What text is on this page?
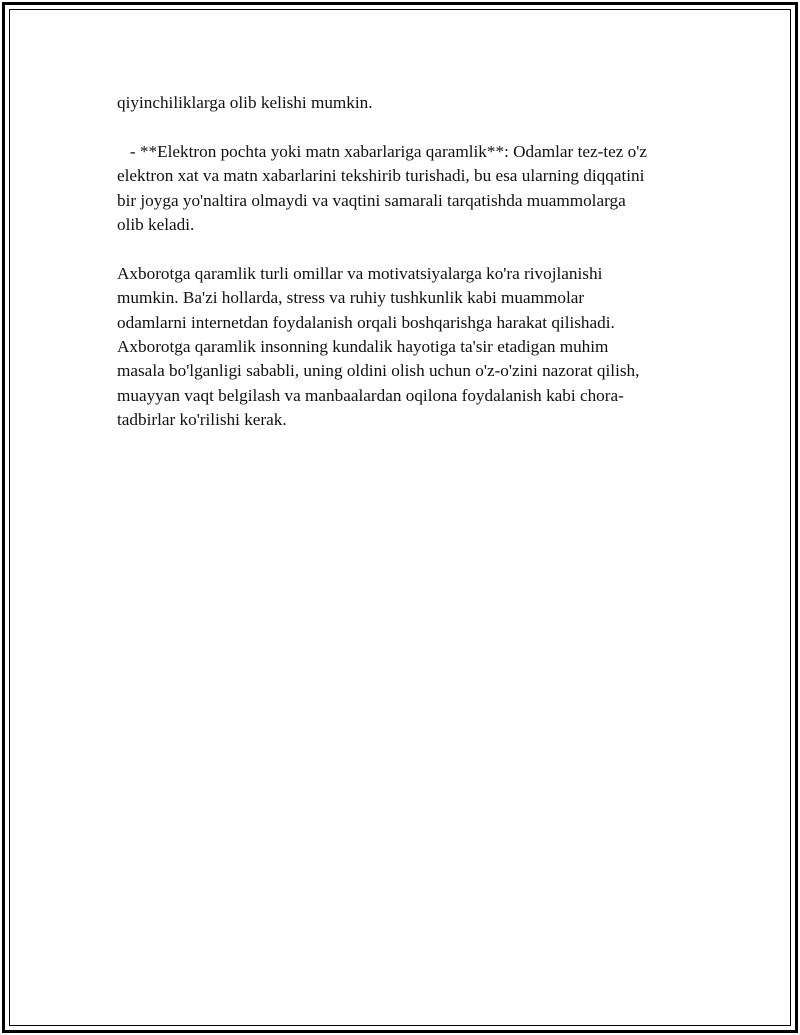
qiyinchiliklarga olib kelishi mumkin.

- **Elektron pochta yoki matn xabarlariga qaramlik**: Odamlar tez-tez o'z

elektron xat va matn xabarlarini tekshirib turishadi, bu esa ularning diqqatini

bir joyga yo'naltira olmaydi va vaqtini samarali tarqatishda muammolarga

olib keladi.

Axborotga qaramlik turli omillar va motivatsiyalarga ko'ra rivojlanishi

mumkin. Ba'zi hollarda, stress va ruhiy tushkunlik kabi muammolar

odamlarni internetdan foydalanish orqali boshqarishga harakat qilishadi.

Axborotga qaramlik insonning kundalik hayotiga ta'sir etadigan muhim

masala bo'lganligi sababli, uning oldini olish uchun o'z-o'zini nazorat qilish,

muayyan vaqt belgilash va manbaalardan oqilona foydalanish kabi chora-

tadbirlar ko'rilishi kerak.
